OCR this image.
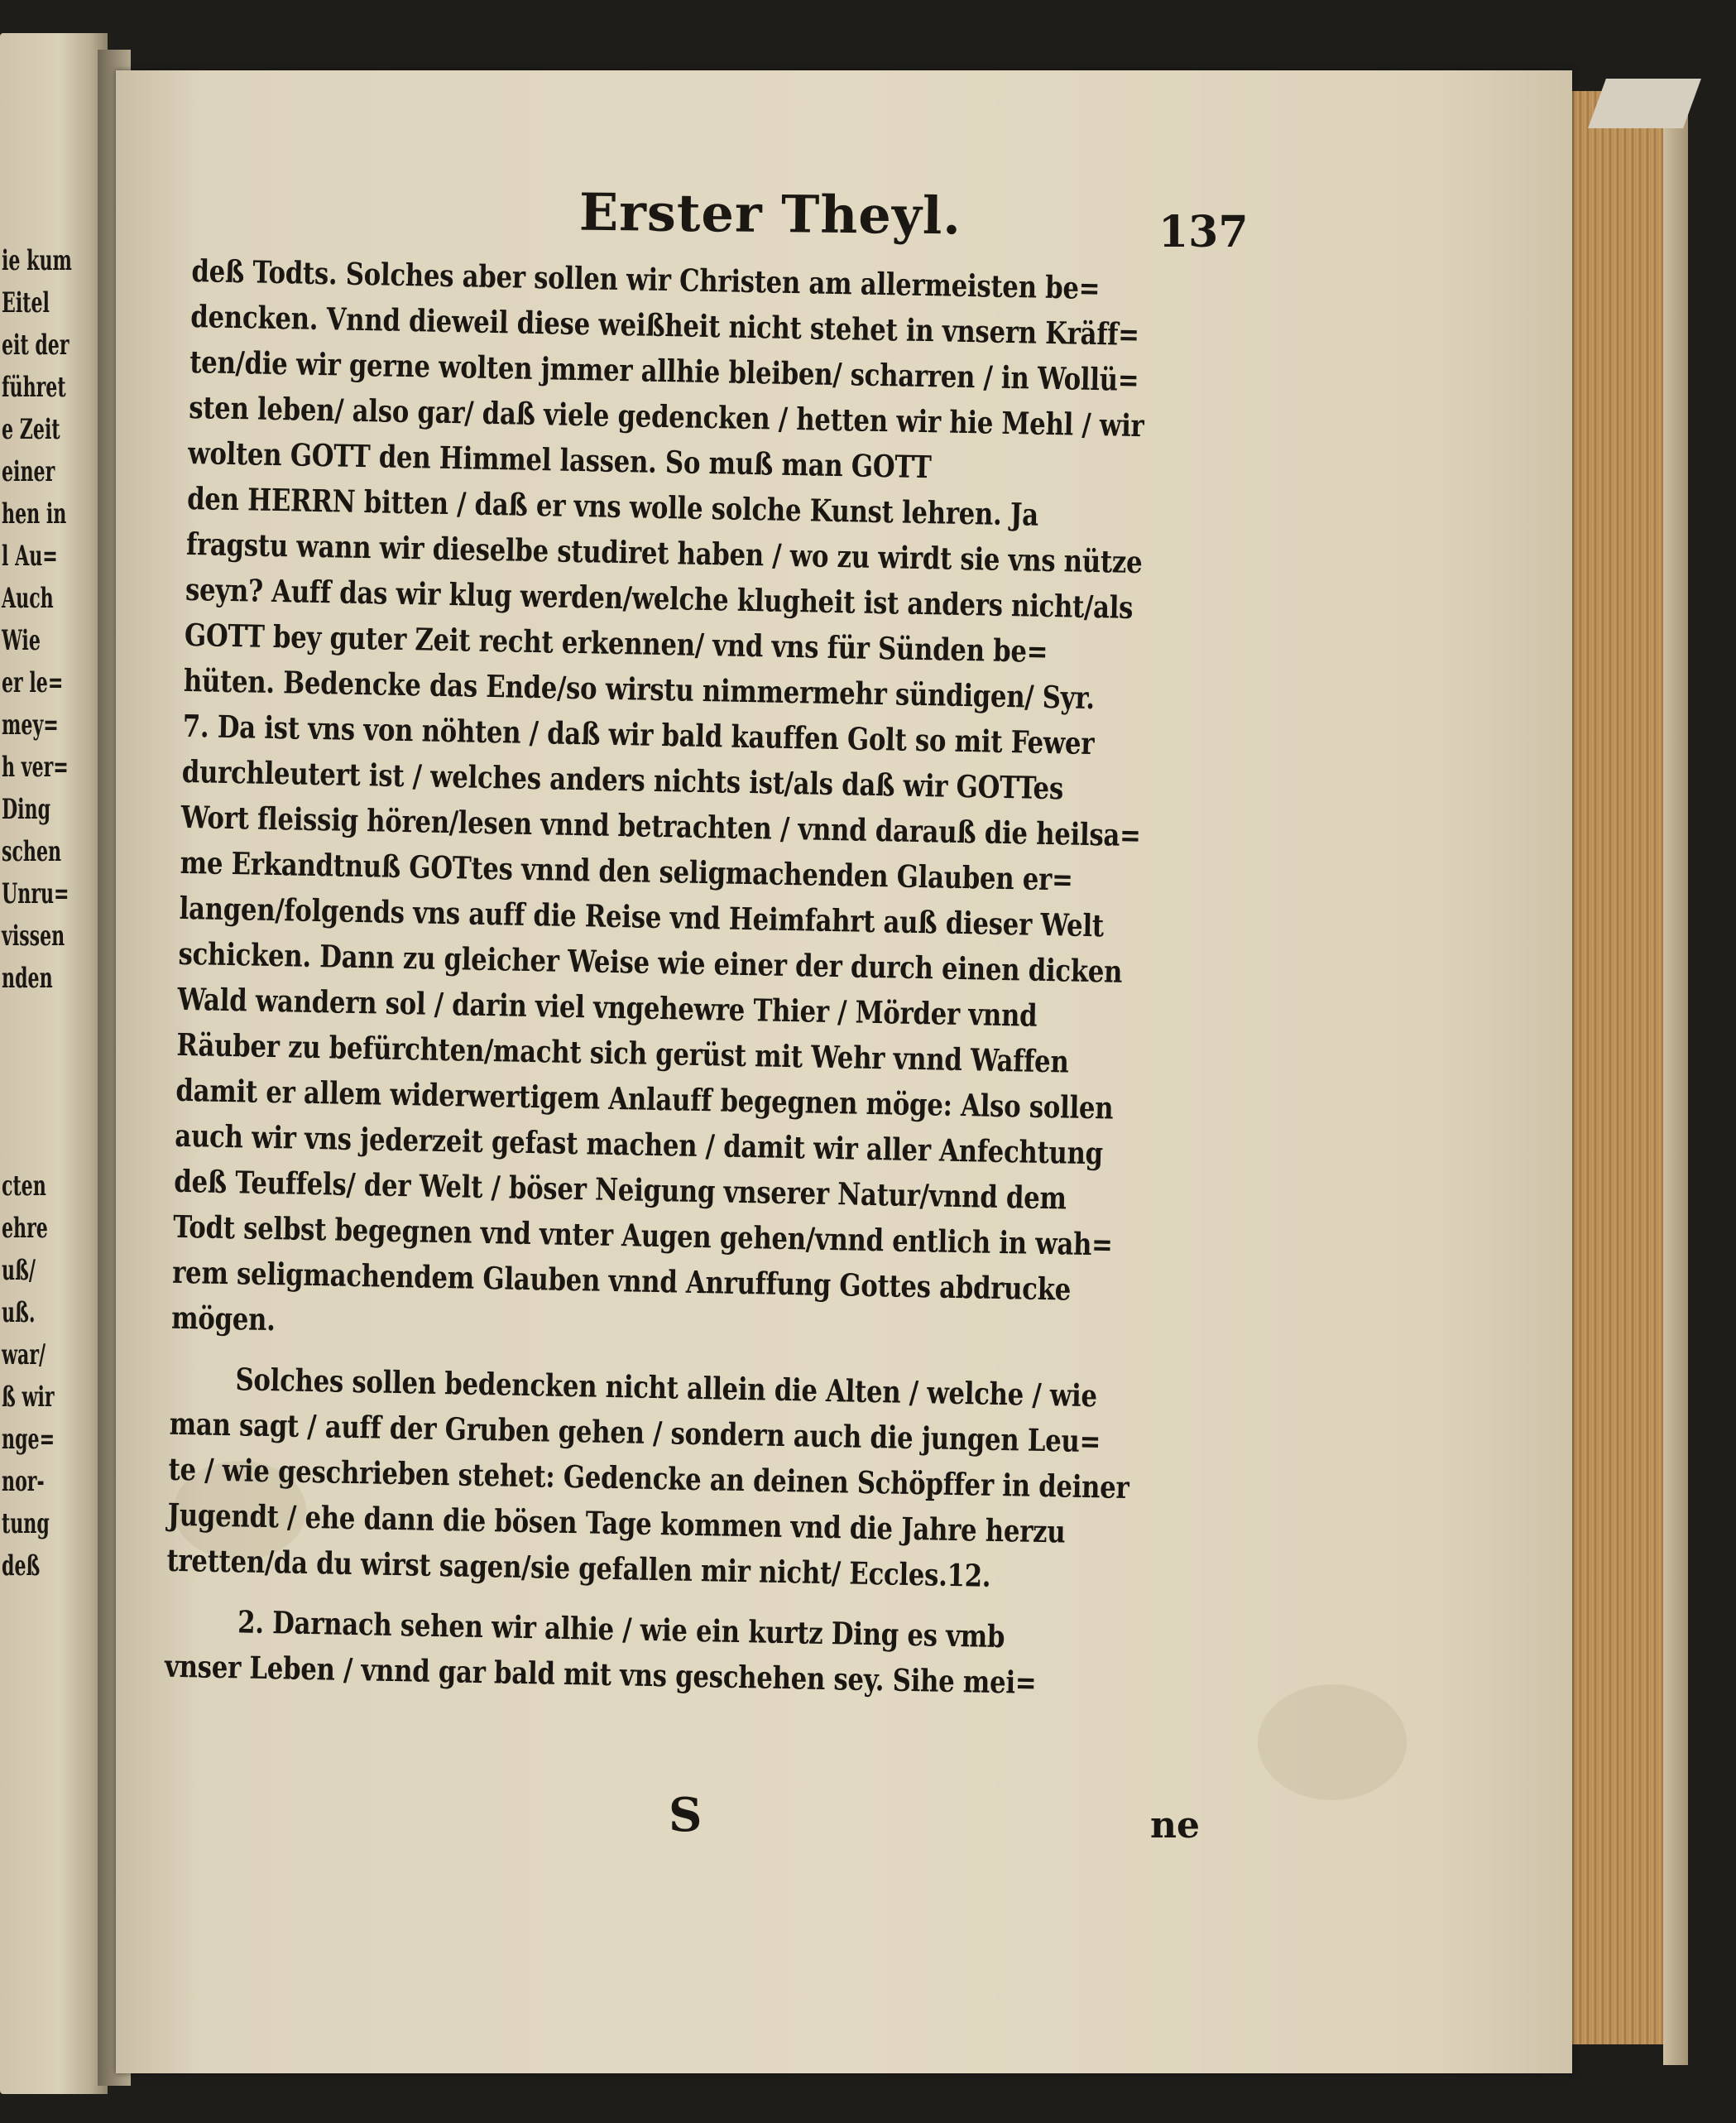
ie kum
Eitel
eit der
führet
e Zeit
einer
hen in
l Au=
Auch
Wie
er le=
mey=
h ver=
Ding
schen
Unru=
vissen
nden
cten
ehre
uß/
uß.
war/
ß wir
nge=
nor-
tung
deß
Erster Theyl.	137
deß Todts. Solches aber sollen wir Christen am allermeisten be=
dencken. Vnnd dieweil diese weißheit nicht stehet in vnsern Kräff=
ten/die wir gerne wolten jmmer allhie bleiben/ scharren / in Wollü=
sten leben/ also gar/ daß viele gedencken / hetten wir hie Mehl / wir
wolten GOTT den Himmel lassen. So muß man GOTT
den HERRN bitten / daß er vns wolle solche Kunst lehren. Ja
fragstu wann wir dieselbe studiret haben / wo zu wirdt sie vns nütze
seyn? Auff das wir klug werden/welche klugheit ist anders nicht/als
GOTT bey guter Zeit recht erkennen/ vnd vns für Sünden be=
hüten. Bedencke das Ende/so wirstu nimmermehr sündigen/ Syr.
7. Da ist vns von nöhten / daß wir bald kauffen Golt so mit Fewer
durchleutert ist / welches anders nichts ist/als daß wir GOTTes
Wort fleissig hören/lesen vnnd betrachten / vnnd darauß die heilsa=
me Erkandtnuß GOTtes vnnd den seligmachenden Glauben er=
langen/folgends vns auff die Reise vnd Heimfahrt auß dieser Welt
schicken. Dann zu gleicher Weise wie einer der durch einen dicken
Wald wandern sol / darin viel vngehewre Thier / Mörder vnnd
Räuber zu befürchten/macht sich gerüst mit Wehr vnnd Waffen
damit er allem widerwertigem Anlauff begegnen möge: Also sollen
auch wir vns jederzeit gefast machen / damit wir aller Anfechtung
deß Teuffels/ der Welt / böser Neigung vnserer Natur/vnnd dem
Todt selbst begegnen vnd vnter Augen gehen/vnnd entlich in wah=
rem seligmachendem Glauben vnnd Anruffung Gottes abdrucke
mögen.
Solches sollen bedencken nicht allein die Alten / welche / wie
man sagt / auff der Gruben gehen / sondern auch die jungen Leu=
te / wie geschrieben stehet: Gedencke an deinen Schöpffer in deiner
Jugendt / ehe dann die bösen Tage kommen vnd die Jahre herzu
tretten/da du wirst sagen/sie gefallen mir nicht/ Eccles.12.
2. Darnach sehen wir alhie / wie ein kurtz Ding es vmb
vnser Leben / vnnd gar bald mit vns geschehen sey. Sihe mei=
S	ne
